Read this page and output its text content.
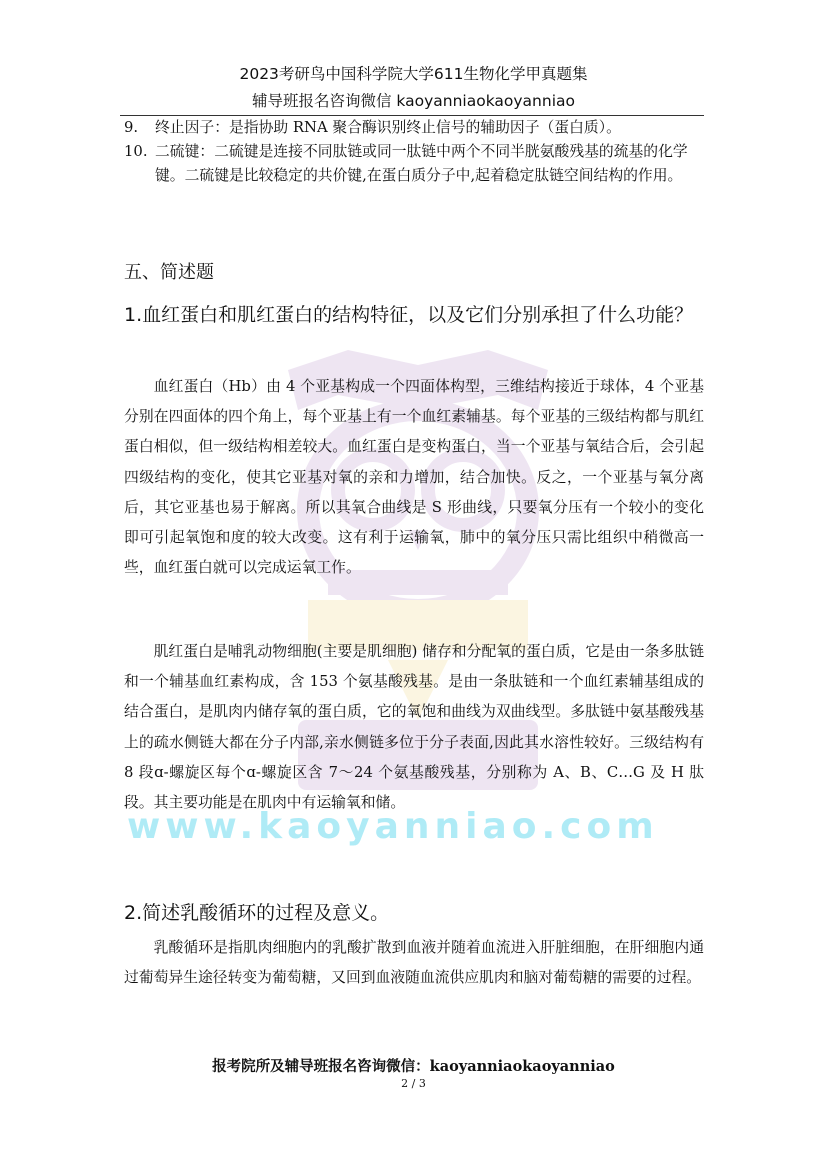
2023考研鸟中国科学院大学611生物化学甲真题集
辅导班报名咨询微信 kaoyanniaokaoyanniao
9. 终止因子：是指协助 RNA 聚合酶识别终止信号的辅助因子（蛋白质）。
10. 二硫键：二硫键是连接不同肽链或同一肽链中两个不同半胱氨酸残基的巯基的化学键。二硫键是比较稳定的共价键,在蛋白质分子中,起着稳定肽链空间结构的作用。
五、简述题
1.血红蛋白和肌红蛋白的结构特征，以及它们分别承担了什么功能？
血红蛋白（Hb）由 4 个亚基构成一个四面体构型，三维结构接近于球体，4 个亚基分别在四面体的四个角上，每个亚基上有一个血红素辅基。每个亚基的三级结构都与肌红蛋白相似，但一级结构相差较大。血红蛋白是变构蛋白，当一个亚基与氧结合后，会引起四级结构的变化，使其它亚基对氧的亲和力增加，结合加快。反之，一个亚基与氧分离后，其它亚基也易于解离。所以其氧合曲线是 S 形曲线，只要氧分压有一个较小的变化即可引起氧饱和度的较大改变。这有利于运输氧，肺中的氧分压只需比组织中稍微高一些，血红蛋白就可以完成运氧工作。
肌红蛋白是哺乳动物细胞(主要是肌细胞) 储存和分配氧的蛋白质，它是由一条多肽链和一个辅基血红素构成，含 153 个氨基酸残基。是由一条肽链和一个血红素辅基组成的结合蛋白，是肌肉内储存氧的蛋白质，它的氧饱和曲线为双曲线型。多肽链中氨基酸残基上的疏水侧链大都在分子内部,亲水侧链多位于分子表面,因此其水溶性较好。三级结构有 8 段ɑ-螺旋区每个ɑ-螺旋区含 7～24 个氨基酸残基，分别称为 A、B、C…G 及 H 肽段。其主要功能是在肌肉中有运输氧和储。
www.kaoyanniao.com
2.简述乳酸循环的过程及意义。
乳酸循环是指肌肉细胞内的乳酸扩散到血液并随着血流进入肝脏细胞，在肝细胞内通过葡萄异生途径转变为葡萄糖，又回到血液随血流供应肌肉和脑对葡萄糖的需要的过程。
报考院所及辅导班报名咨询微信：kaoyanniaokaoyanniao
2 / 3
